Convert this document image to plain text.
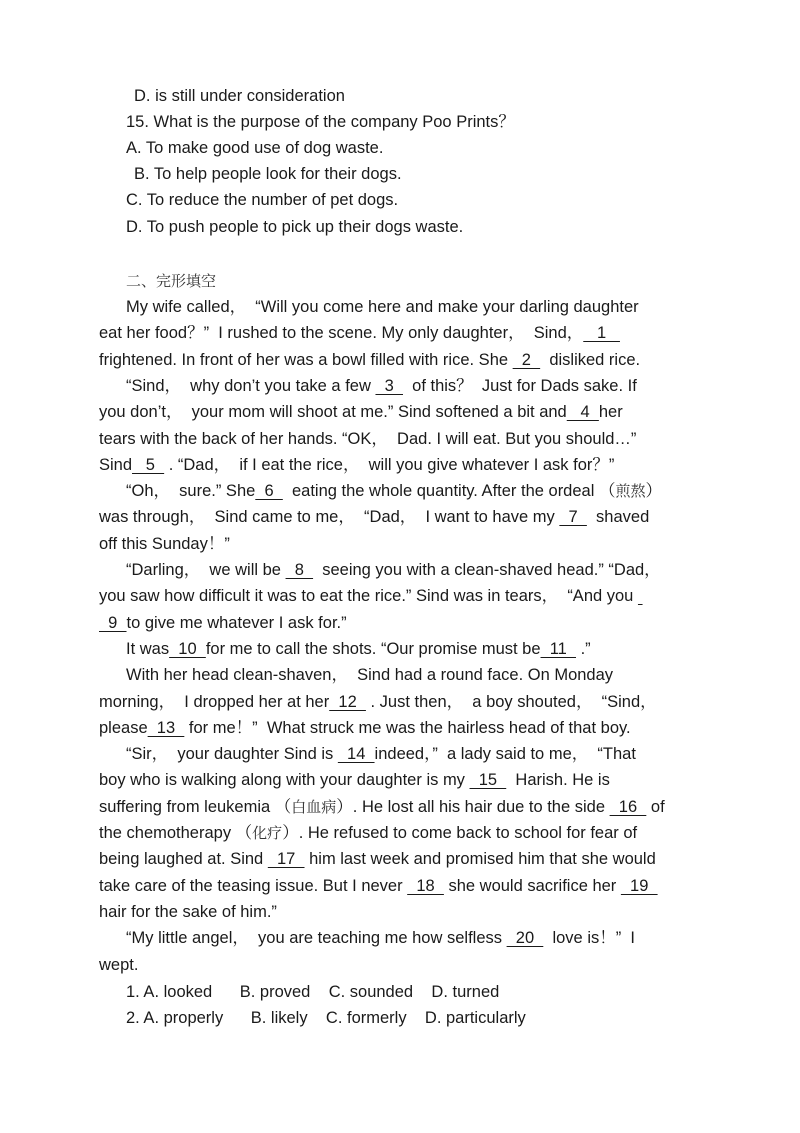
D. is still under consideration
15. What is the purpose of the company Poo Prints？
A. To make good use of dog waste.
B. To help people look for their dogs.
C. To reduce the number of pet dogs.
D. To push people to pick up their dogs waste.
二、完形填空
My wife called，  “Will you come here and make your darling daughter
eat her food？”  I rushed to the scene. My only daughter，  Sind，   1
frightened. In front of her was a bowl filled with rice. She   2    disliked rice.
“Sind，  why don’t you take a few   3    of this？  Just for Dads sake. If
you don’t，  your mom will shoot at me.” Sind softened a bit and   4  her
tears with the back of her hands. “OK，  Dad. I will eat. But you should…”
Sind   5   . “Dad，  if I eat the rice，  will you give whatever I ask for？”
“Oh，  sure.” She  6    eating the whole quantity. After the ordeal （煎熬）
was through，  Sind came to me，  “Dad，  I want to have my   7    shaved
off this Sunday！”
“Darling，  we will be   8    seeing you with a clean-shaved head.” “Dad，
you saw how difficult it was to eat the rice.” Sind was in tears，  “And you
9  to give me whatever I ask for.”
It was  10  for me to call the shots. “Our promise must be  11   .”
With her head clean-shaven，  Sind had a round face. On Monday
morning，  I dropped her at her  12   . Just then，  a boy shouted，  “Sind，
please  13   for me！”  What struck me was the hairless head of that boy.
“Sir，  your daughter Sind is   14  indeed，”  a lady said to me，  “That
boy who is walking along with your daughter is my   15    Harish. He is
suffering from leukemia （白血病）. He lost all his hair due to the side   16   of
the chemotherapy （化疗）. He refused to come back to school for fear of
being laughed at. Sind   17   him last week and promised him that she would
take care of the teasing issue. But I never   18   she would sacrifice her   19
hair for the sake of him.”
“My little angel，  you are teaching me how selfless   20    love is！”  I
wept.
1. A. looked      B. proved    C. sounded    D. turned
2. A. properly      B. likely    C. formerly    D. particularly
